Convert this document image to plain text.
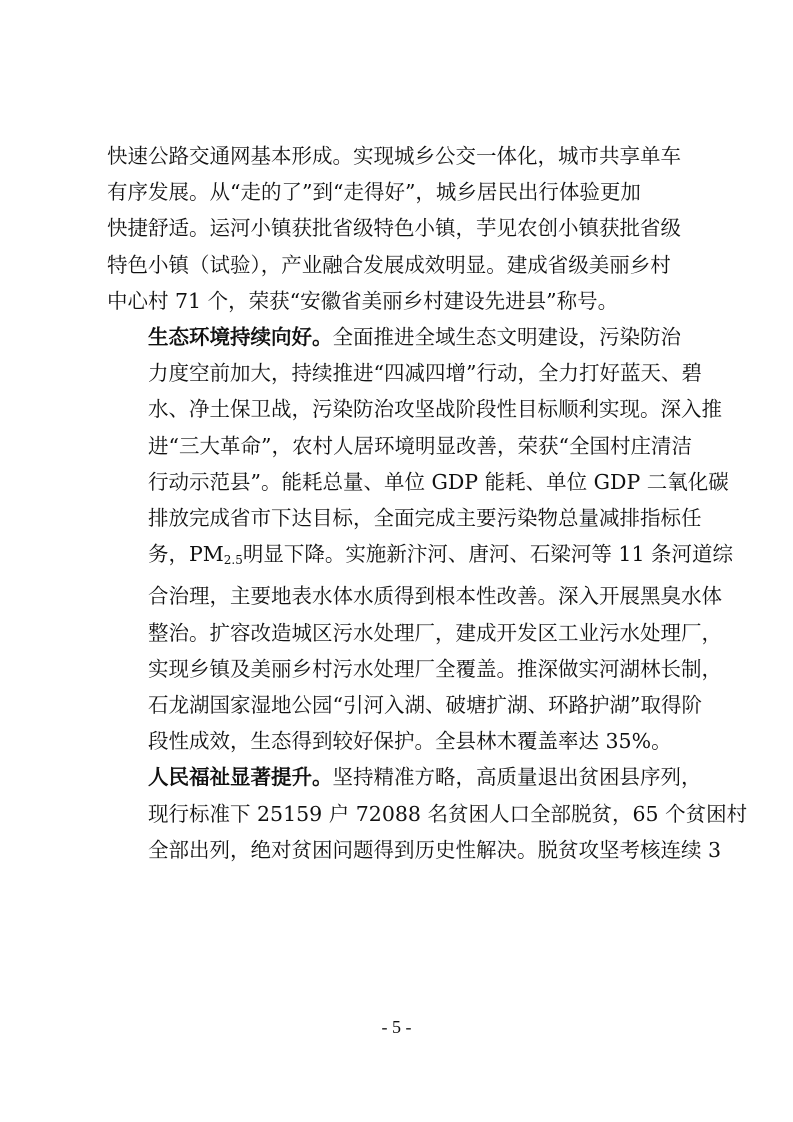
快速公路交通网基本形成。实现城乡公交一体化，城市共享单车
有序发展。从“走的了”到“走得好”，城乡居民出行体验更加
快捷舒适。运河小镇获批省级特色小镇，芋见农创小镇获批省级
特色小镇（试验），产业融合发展成效明显。建成省级美丽乡村
中心村 71 个，荣获“安徽省美丽乡村建设先进县”称号。

生态环境持续向好。全面推进全域生态文明建设，污染防治
力度空前加大，持续推进“四减四增”行动，全力打好蓝天、碧
水、净土保卫战，污染防治攻坚战阶段性目标顺利实现。深入推
进“三大革命”，农村人居环境明显改善，荣获“全国村庄清洁
行动示范县”。能耗总量、单位 GDP 能耗、单位 GDP 二氧化碳
排放完成省市下达目标，全面完成主要污染物总量减排指标任
务，$PM_{2.5}$明显下降。实施新汴河、唐河、石梁河等 11 条河道综
合治理，主要地表水体水质得到根本性改善。深入开展黑臭水体
整治。扩容改造城区污水处理厂，建成开发区工业污水处理厂，
实现乡镇及美丽乡村污水处理厂全覆盖。推深做实河湖林长制，
石龙湖国家湿地公园“引河入湖、破塘扩湖、环路护湖”取得阶
段性成效，生态得到较好保护。全县林木覆盖率达 35%。

人民福祉显著提升。坚持精准方略，高质量退出贫困县序列，
现行标准下 25159 户 72088 名贫困人口全部脱贫，65 个贫困村
全部出列，绝对贫困问题得到历史性解决。脱贫攻坚考核连续 3

- 5 -
